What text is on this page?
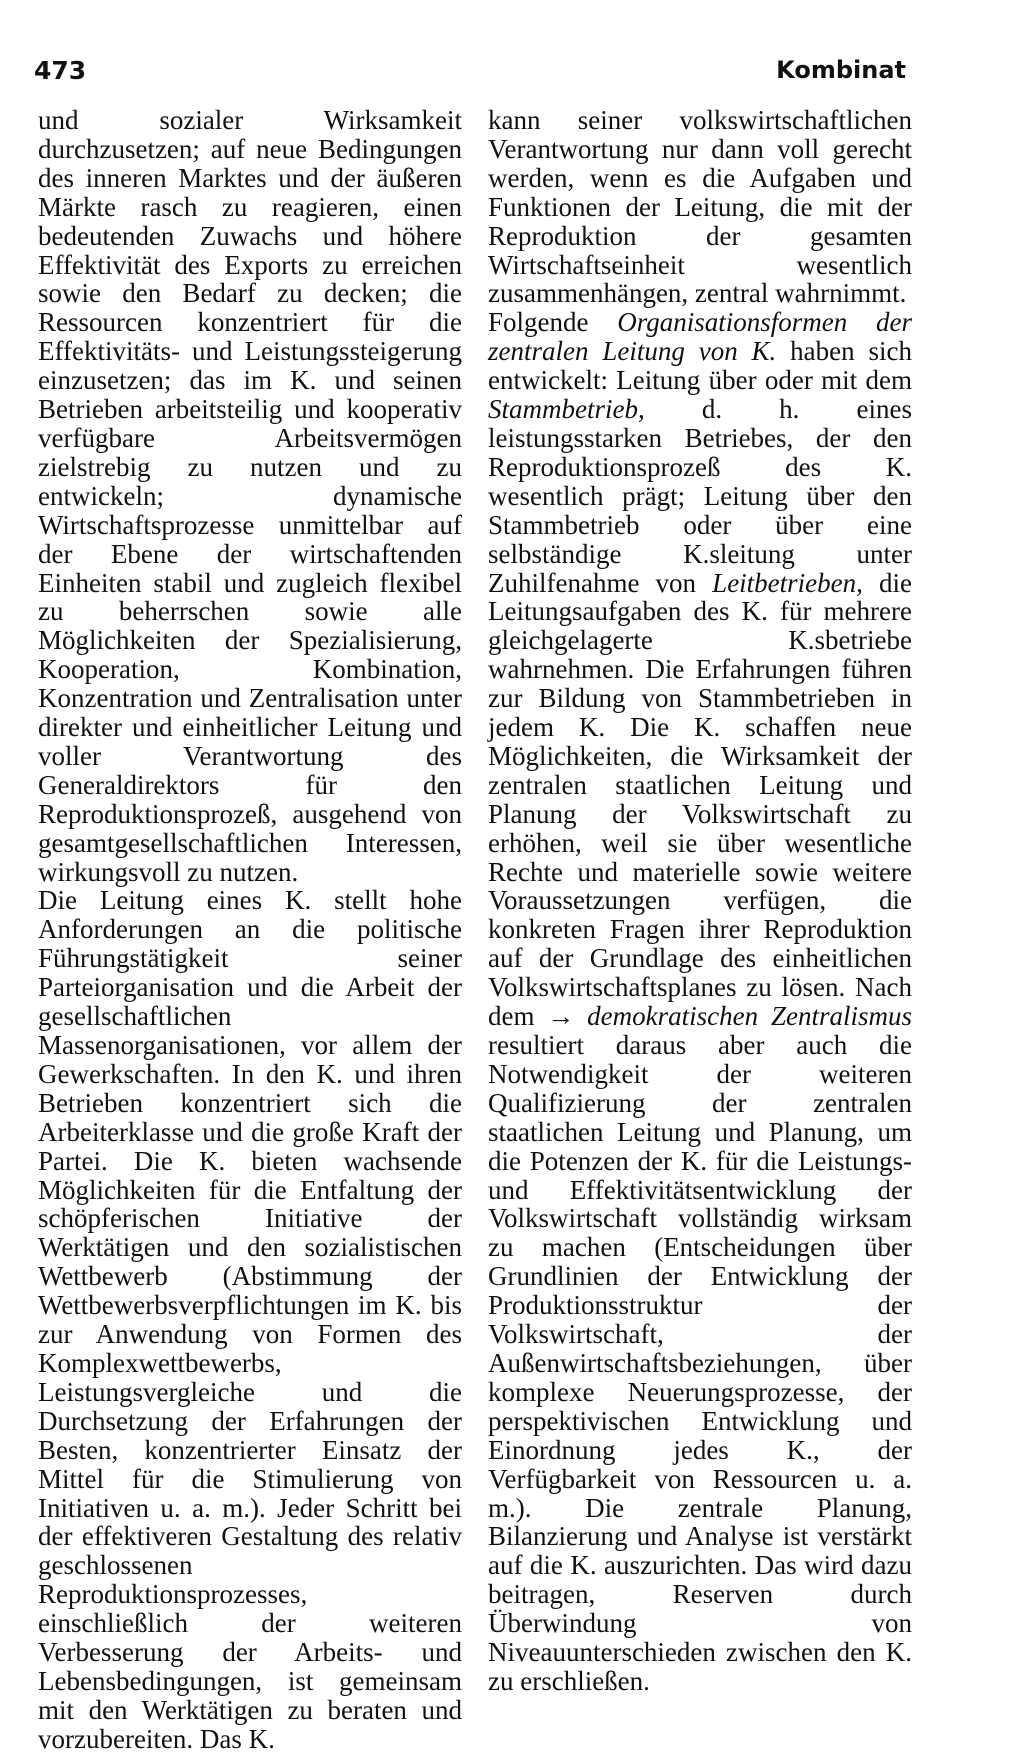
473	Kombinat

und sozialer Wirksamkeit durchzusetzen; auf neue Bedingungen des inneren Marktes und der äußeren Märkte rasch zu reagieren, einen bedeutenden Zuwachs und höhere Effektivität des Exports zu erreichen sowie den Bedarf zu decken; die Ressourcen konzentriert für die Effektivitäts- und Leistungssteigerung einzusetzen; das im K. und seinen Betrieben arbeitsteilig und kooperativ verfügbare Arbeitsvermögen zielstrebig zu nutzen und zu entwickeln; dynamische Wirtschaftsprozesse unmittelbar auf der Ebene der wirtschaftenden Einheiten stabil und zugleich flexibel zu beherrschen sowie alle Möglichkeiten der Spezialisierung, Kooperation, Kombination, Konzentration und Zentralisation unter direkter und einheitlicher Leitung und voller Verantwortung des Generaldirektors für den Reproduktionsprozeß, ausgehend von gesamtgesellschaftlichen Interessen, wirkungsvoll zu nutzen.

Die Leitung eines K. stellt hohe Anforderungen an die politische Führungstätigkeit seiner Parteiorganisation und die Arbeit der gesellschaftlichen Massenorganisationen, vor allem der Gewerkschaften. In den K. und ihren Betrieben konzentriert sich die Arbeiterklasse und die große Kraft der Partei. Die K. bieten wachsende Möglichkeiten für die Entfaltung der schöpferischen Initiative der Werktätigen und den sozialistischen Wettbewerb (Abstimmung der Wettbewerbsverpflichtungen im K. bis zur Anwendung von Formen des Komplexwettbewerbs, Leistungsvergleiche und die Durchsetzung der Erfahrungen der Besten, konzentrierter Einsatz der Mittel für die Stimulierung von Initiativen u. a. m.). Jeder Schritt bei der effektiveren Gestaltung des relativ geschlossenen Reproduktionsprozesses, einschließlich der weiteren Verbesserung der Arbeits- und Lebensbedingungen, ist gemeinsam mit den Werktätigen zu beraten und vorzubereiten. Das K.

kann seiner volkswirtschaftlichen Verantwortung nur dann voll gerecht werden, wenn es die Aufgaben und Funktionen der Leitung, die mit der Reproduktion der gesamten Wirtschaftseinheit wesentlich zusammenhängen, zentral wahrnimmt.

Folgende Organisationsformen der zentralen Leitung von K. haben sich entwickelt: Leitung über oder mit dem Stammbetrieb, d. h. eines leistungsstarken Betriebes, der den Reproduktionsprozeß des K. wesentlich prägt; Leitung über den Stammbetrieb oder über eine selbständige K.sleitung unter Zuhilfenahme von Leitbetrieben, die Leitungsaufgaben des K. für mehrere gleichgelagerte K.sbetriebe wahrnehmen. Die Erfahrungen führen zur Bildung von Stammbetrieben in jedem K. Die K. schaffen neue Möglichkeiten, die Wirksamkeit der zentralen staatlichen Leitung und Planung der Volkswirtschaft zu erhöhen, weil sie über wesentliche Rechte und materielle sowie weitere Voraussetzungen verfügen, die konkreten Fragen ihrer Reproduktion auf der Grundlage des einheitlichen Volkswirtschaftsplanes zu lösen. Nach dem → demokratischen Zentralismus resultiert daraus aber auch die Notwendigkeit der weiteren Qualifizierung der zentralen staatlichen Leitung und Planung, um die Potenzen der K. für die Leistungs- und Effektivitätsentwicklung der Volkswirtschaft vollständig wirksam zu machen (Entscheidungen über Grundlinien der Entwicklung der Produktionsstruktur der Volkswirtschaft, der Außenwirtschaftsbeziehungen, über komplexe Neuerungsprozesse, der perspektivischen Entwicklung und Einordnung jedes K., der Verfügbarkeit von Ressourcen u. a. m.). Die zentrale Planung, Bilanzierung und Analyse ist verstärkt auf die K. auszurichten. Das wird dazu beitragen, Reserven durch Überwindung von Niveauunterschieden zwischen den K. zu erschließen.
